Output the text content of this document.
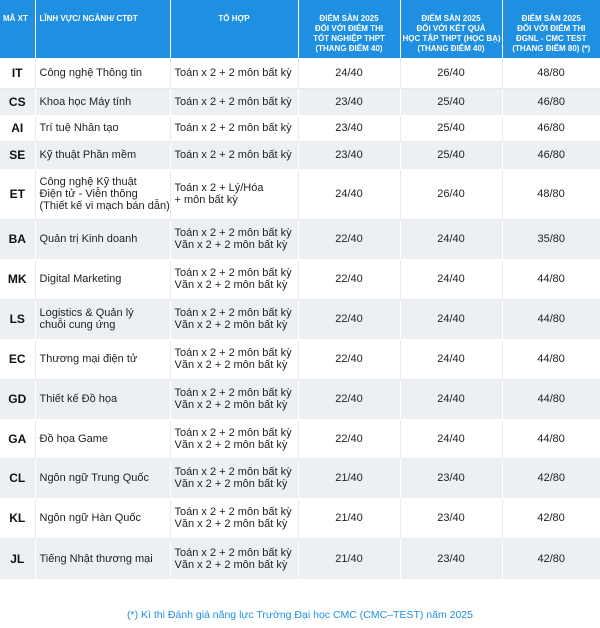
MÃ XT	LĨNH VỰC/ NGÀNH/ CTĐT	TỔ HỢP	ĐIỂM SÀN 2025
ĐỐI VỚI ĐIỂM THI
TỐT NGHIỆP THPT
(THANG ĐIỂM 40)	ĐIỂM SÀN 2025
ĐỐI VỚI KẾT QUẢ
HỌC TẬP THPT (HỌC BẠ)
(THANG ĐIỂM 40)	ĐIỂM SÀN 2025
ĐỐI VỚI ĐIỂM THI
ĐGNL - CMC TEST
(THANG ĐIỂM 80) (*)

IT	Công nghệ Thông tin	Toán x 2 + 2 môn bất kỳ	24/40	26/40	48/80
CS	Khoa học Máy tính	Toán x 2 + 2 môn bất kỳ	23/40	25/40	46/80
AI	Trí tuệ Nhân tạo	Toán x 2 + 2 môn bất kỳ	23/40	25/40	46/80
SE	Kỹ thuật Phần mềm	Toán x 2 + 2 môn bất kỳ	23/40	25/40	46/80
ET	Công nghệ Kỹ thuật
Điện tử - Viễn thông
(Thiết kế vi mạch bán dẫn)	Toán x 2 + Lý/Hóa
+ môn bất kỳ	24/40	26/40	48/80
BA	Quản trị Kinh doanh	Toán x 2 + 2 môn bất kỳ
Văn x 2 + 2 môn bất kỳ	22/40	24/40	35/80
MK	Digital Marketing	Toán x 2 + 2 môn bất kỳ
Văn x 2 + 2 môn bất kỳ	22/40	24/40	44/80
LS	Logistics & Quản lý
chuỗi cung ứng	Toán x 2 + 2 môn bất kỳ
Văn x 2 + 2 môn bất kỳ	22/40	24/40	44/80
EC	Thương mại điện tử	Toán x 2 + 2 môn bất kỳ
Văn x 2 + 2 môn bất kỳ	22/40	24/40	44/80
GD	Thiết kế Đồ họa	Toán x 2 + 2 môn bất kỳ
Văn x 2 + 2 môn bất kỳ	22/40	24/40	44/80
GA	Đồ họa Game	Toán x 2 + 2 môn bất kỳ
Văn x 2 + 2 môn bất kỳ	22/40	24/40	44/80
CL	Ngôn ngữ Trung Quốc	Toán x 2 + 2 môn bất kỳ
Văn x 2 + 2 môn bất kỳ	21/40	23/40	42/80
KL	Ngôn ngữ Hàn Quốc	Toán x 2 + 2 môn bất kỳ
Văn x 2 + 2 môn bất kỳ	21/40	23/40	42/80
JL	Tiếng Nhật thương mại	Toán x 2 + 2 môn bất kỳ
Văn x 2 + 2 môn bất kỳ	21/40	23/40	42/80
(*) Kì thi Đánh giá năng lực Trường Đại học CMC (CMC–TEST) năm 2025
